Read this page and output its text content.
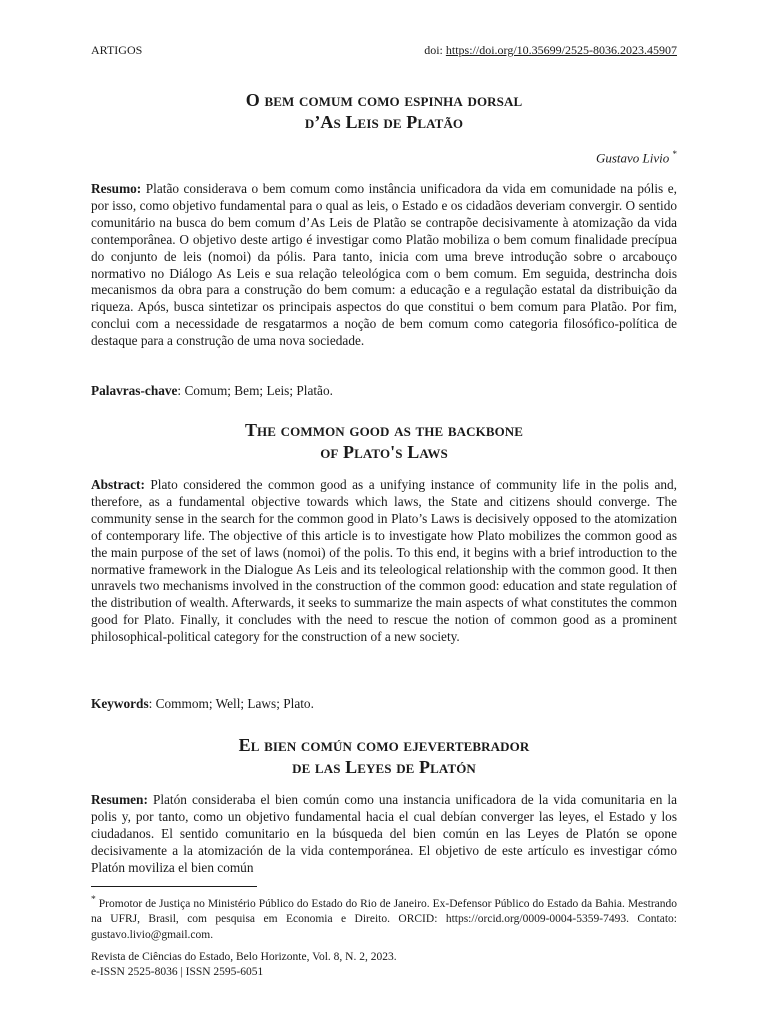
ARTIGOS	doi: https://doi.org/10.35699/2525-8036.2023.45907
O bem comum como espinha dorsal
d’As Leis de Platão
Gustavo Livio *
Resumo: Platão considerava o bem comum como instância unificadora da vida em comunidade na pólis e, por isso, como objetivo fundamental para o qual as leis, o Estado e os cidadãos deveriam convergir. O sentido comunitário na busca do bem comum d’As Leis de Platão se contrapõe decisivamente à atomização da vida contemporânea. O objetivo deste artigo é investigar como Platão mobiliza o bem comum finalidade precípua do conjunto de leis (nomoi) da pólis. Para tanto, inicia com uma breve introdução sobre o arcabouço normativo no Diálogo As Leis e sua relação teleológica com o bem comum. Em seguida, destrincha dois mecanismos da obra para a construção do bem comum: a educação e a regulação estatal da distribuição da riqueza. Após, busca sintetizar os principais aspectos do que constitui o bem comum para Platão. Por fim, conclui com a necessidade de resgatarmos a noção de bem comum como categoria filosófico-política de destaque para a construção de uma nova sociedade.
Palavras-chave: Comum; Bem; Leis; Platão.
The common good as the backbone
of Plato's Laws
Abstract: Plato considered the common good as a unifying instance of community life in the polis and, therefore, as a fundamental objective towards which laws, the State and citizens should converge. The community sense in the search for the common good in Plato’s Laws is decisively opposed to the atomization of contemporary life. The objective of this article is to investigate how Plato mobilizes the common good as the main purpose of the set of laws (nomoi) of the polis. To this end, it begins with a brief introduction to the normative framework in the Dialogue As Leis and its teleological relationship with the common good. It then unravels two mechanisms involved in the construction of the common good: education and state regulation of the distribution of wealth. Afterwards, it seeks to summarize the main aspects of what constitutes the common good for Plato. Finally, it concludes with the need to rescue the notion of common good as a prominent philosophical-political category for the construction of a new society.
Keywords: Commom; Well; Laws; Plato.
El bien común como ejevertebrador
de las Leyes de Platón
Resumen: Platón consideraba el bien común como una instancia unificadora de la vida comunitaria en la polis y, por tanto, como un objetivo fundamental hacia el cual debían converger las leyes, el Estado y los ciudadanos. El sentido comunitario en la búsqueda del bien común en las Leyes de Platón se opone decisivamente a la atomización de la vida contemporánea. El objetivo de este artículo es investigar cómo Platón moviliza el bien común
* Promotor de Justiça no Ministério Público do Estado do Rio de Janeiro. Ex-Defensor Público do Estado da Bahia. Mestrando na UFRJ, Brasil, com pesquisa em Economia e Direito. ORCID: https://orcid.org/0009-0004-5359-7493. Contato: gustavo.livio@gmail.com.
Revista de Ciências do Estado, Belo Horizonte, Vol. 8, N. 2, 2023.
e-ISSN 2525-8036 | ISSN 2595-6051
